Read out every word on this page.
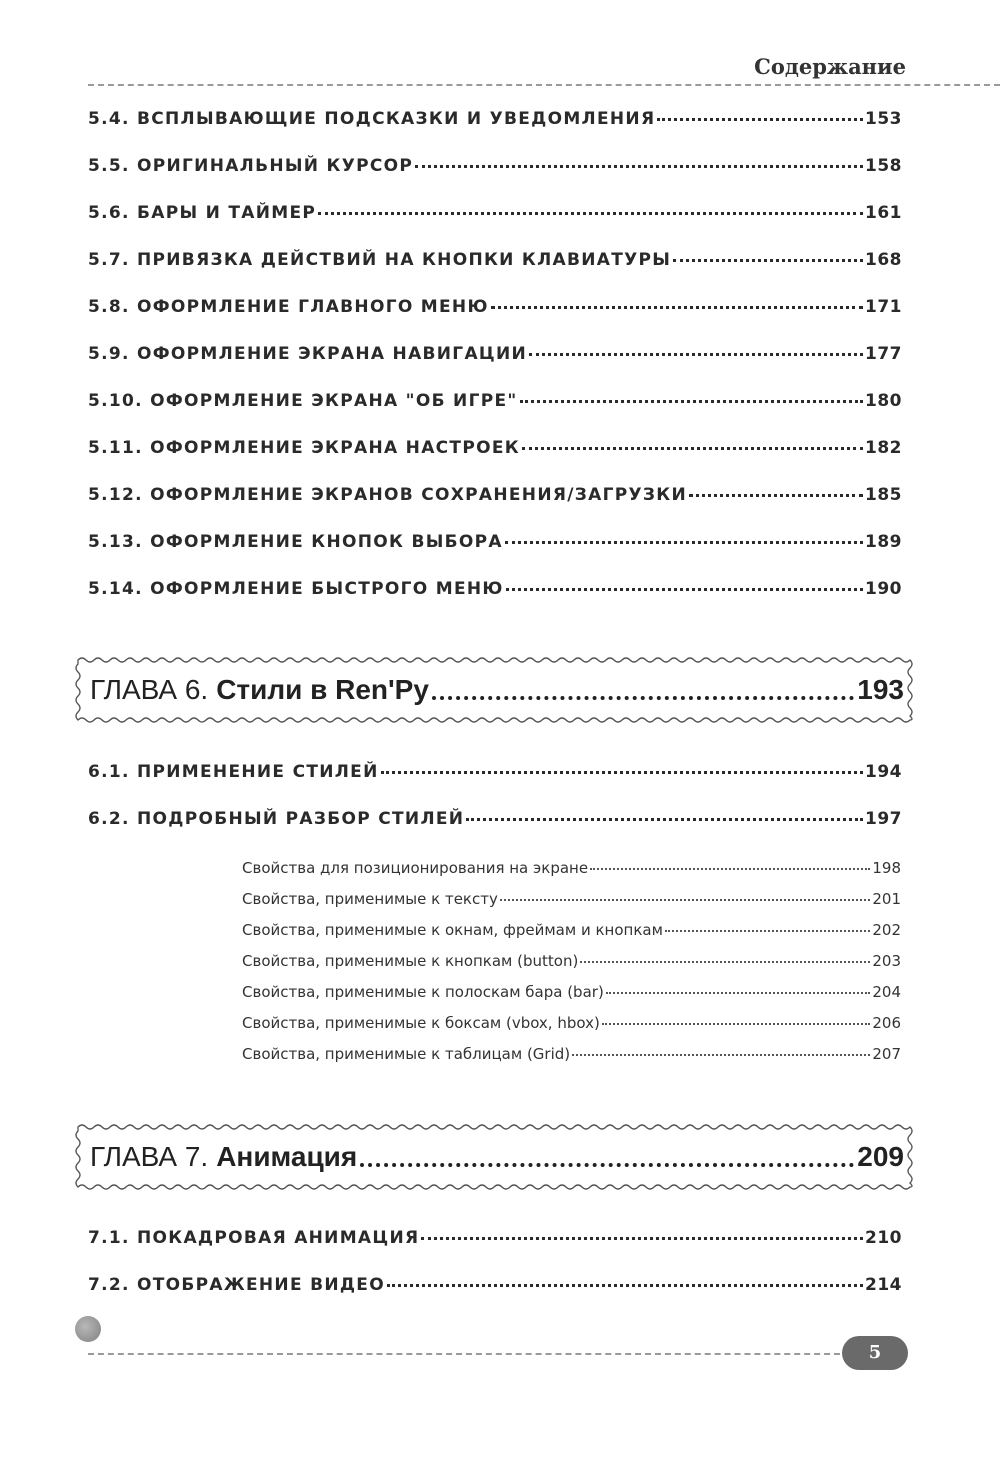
Содержание
5.4. ВСПЛЫВАЮЩИЕ ПОДСКАЗКИ И УВЕДОМЛЕНИЯ	153
5.5. ОРИГИНАЛЬНЫЙ КУРСОР	158
5.6. БАРЫ И ТАЙМЕР	161
5.7. ПРИВЯЗКА ДЕЙСТВИЙ НА КНОПКИ КЛАВИАТУРЫ	168
5.8. ОФОРМЛЕНИЕ ГЛАВНОГО МЕНЮ	171
5.9. ОФОРМЛЕНИЕ ЭКРАНА НАВИГАЦИИ	177
5.10. ОФОРМЛЕНИЕ ЭКРАНА "ОБ ИГРЕ"	180
5.11. ОФОРМЛЕНИЕ ЭКРАНА НАСТРОЕК	182
5.12. ОФОРМЛЕНИЕ ЭКРАНОВ СОХРАНЕНИЯ/ЗАГРУЗКИ	185
5.13. ОФОРМЛЕНИЕ КНОПОК ВЫБОРА	189
5.14. ОФОРМЛЕНИЕ БЫСТРОГО МЕНЮ	190
ГЛАВА 6. Стили в Ren'Py	193
6.1. ПРИМЕНЕНИЕ СТИЛЕЙ	194
6.2. ПОДРОБНЫЙ РАЗБОР СТИЛЕЙ	197
Свойства для позиционирования на экране	198
Свойства, применимые к тексту	201
Свойства, применимые к окнам, фреймам и кнопкам	202
Свойства, применимые к кнопкам (button)	203
Свойства, применимые к полоскам бара (bar)	204
Свойства, применимые к боксам (vbox, hbox)	206
Свойства, применимые к таблицам (Grid)	207
ГЛАВА 7. Анимация	209
7.1. ПОКАДРОВАЯ АНИМАЦИЯ	210
7.2. ОТОБРАЖЕНИЕ ВИДЕО	214
5
